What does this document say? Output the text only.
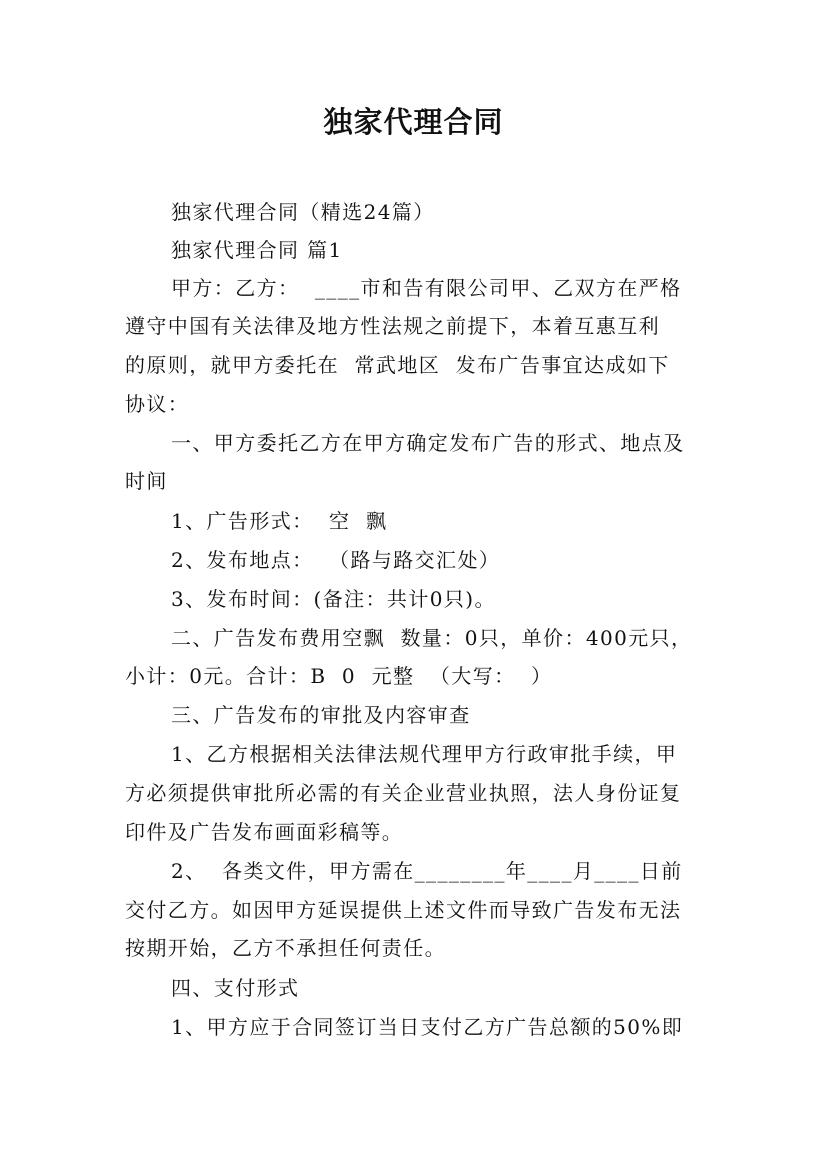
独家代理合同
独家代理合同（精选24篇）
独家代理合同 篇1
甲方：乙方：  ____市和告有限公司甲、乙双方在严格
遵守中国有关法律及地方性法规之前提下，本着互惠互利
的原则，就甲方委托在  常武地区  发布广告事宜达成如下
协议：
一、甲方委托乙方在甲方确定发布广告的形式、地点及
时间
1、广告形式：  空  飘
2、发布地点：  （路与路交汇处）
3、发布时间：(备注：共计0只)。
二、广告发布费用空飘  数量：0只，单价：400元只，
小计：0元。合计：B  0  元整  （大写：  ）
三、广告发布的审批及内容审查
1、乙方根据相关法律法规代理甲方行政审批手续，甲
方必须提供审批所必需的有关企业营业执照，法人身份证复
印件及广告发布画面彩稿等。
2、  各类文件，甲方需在________年____月____日前
交付乙方。如因甲方延误提供上述文件而导致广告发布无法
按期开始，乙方不承担任何责任。
四、支付形式
1、甲方应于合同签订当日支付乙方广告总额的50%即
